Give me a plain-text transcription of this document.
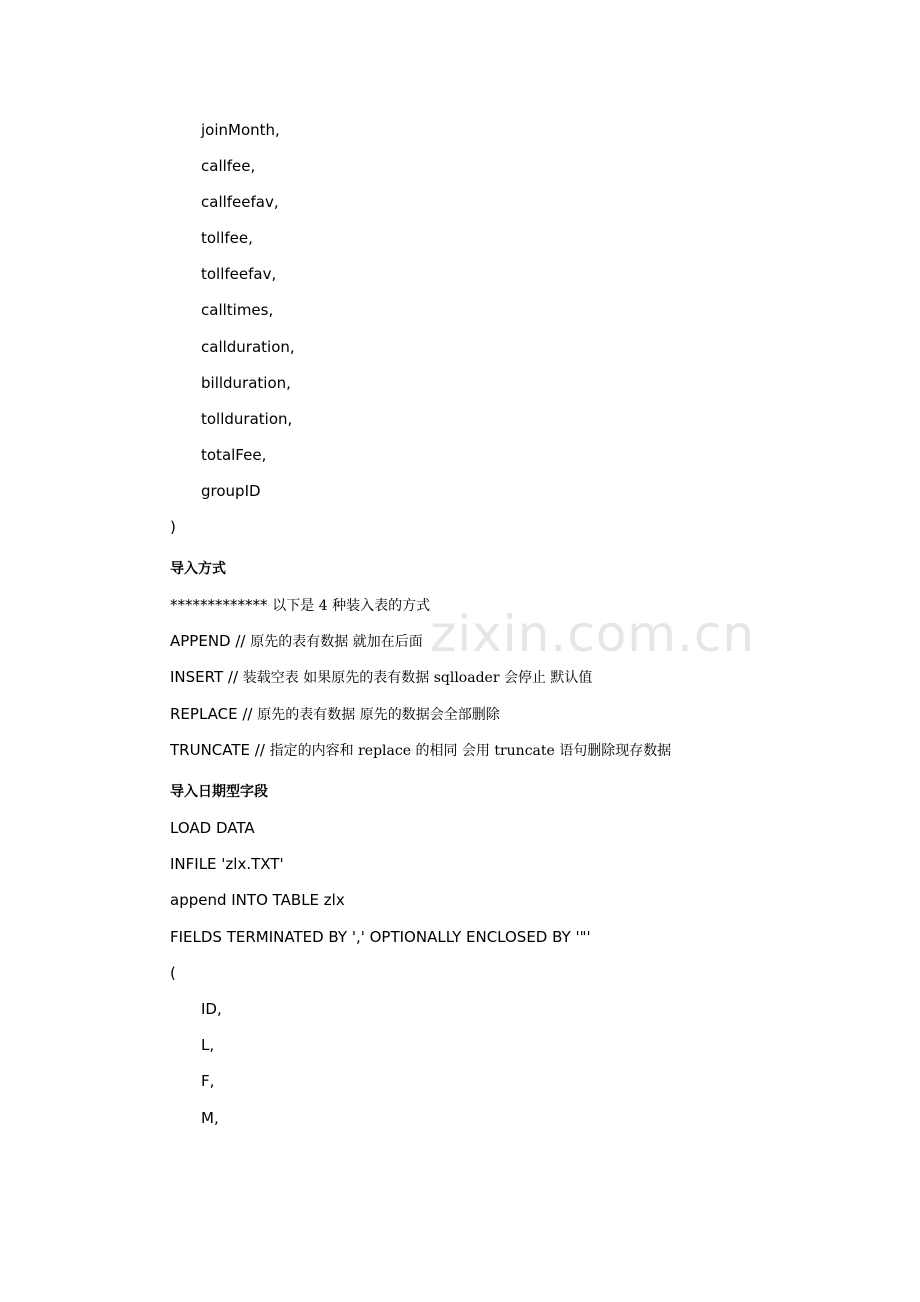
zixin.com.cn
joinMonth,
callfee,
callfeefav,
tollfee,
tollfeefav,
calltimes,
callduration,
billduration,
tollduration,
totalFee,
groupID
)
导入方式
************* 以下是 4 种装入表的方式
APPEND // 原先的表有数据 就加在后面
INSERT // 装载空表 如果原先的表有数据 sqlloader 会停止 默认值
REPLACE // 原先的表有数据 原先的数据会全部删除
TRUNCATE // 指定的内容和 replace 的相同 会用 truncate 语句删除现存数据
导入日期型字段
LOAD DATA
INFILE 'zlx.TXT'
append INTO TABLE zlx
FIELDS TERMINATED BY ',' OPTIONALLY ENCLOSED BY '"'
(
ID,
L,
F,
M,
